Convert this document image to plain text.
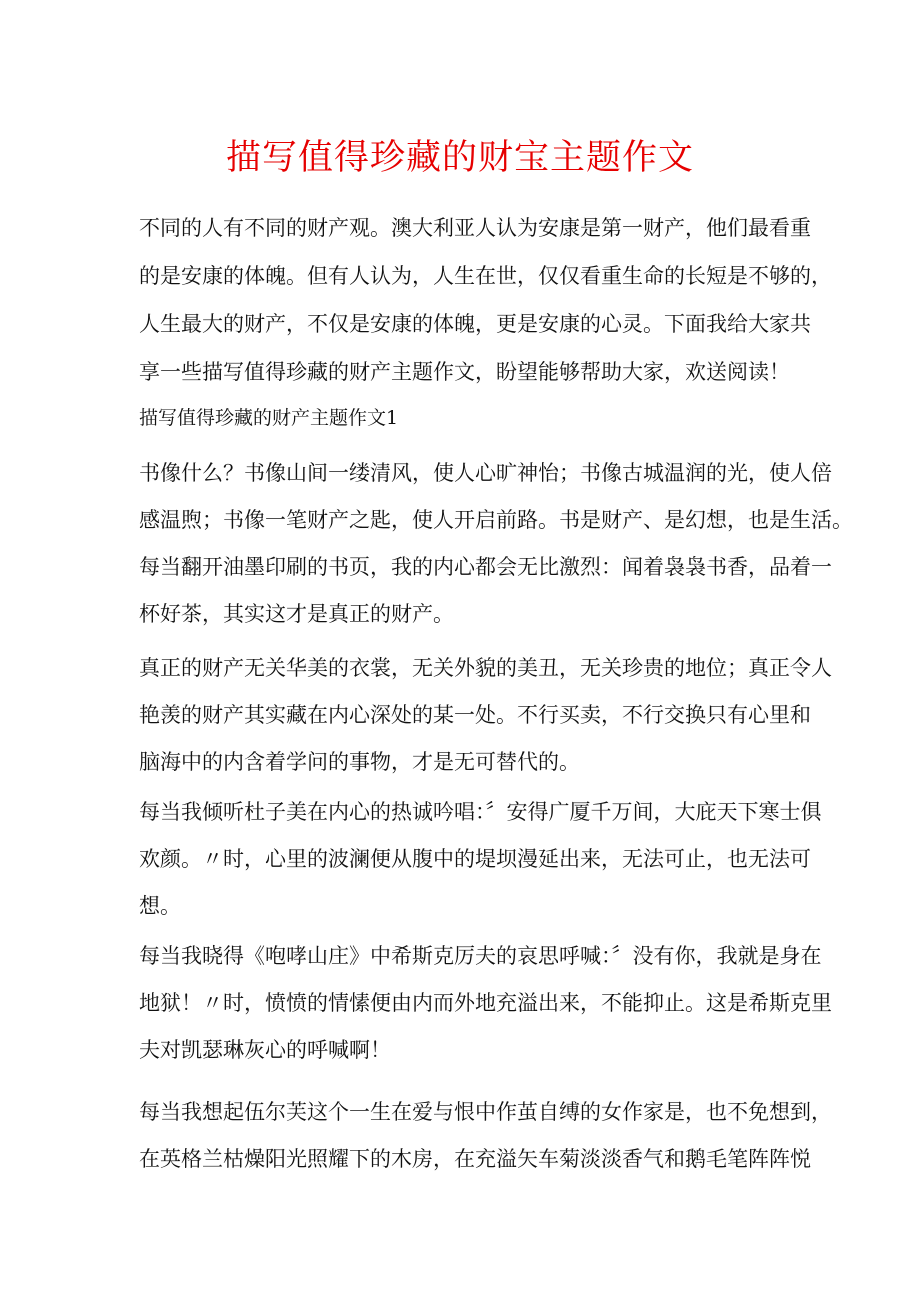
描写值得珍藏的财宝主题作文
不同的人有不同的财产观。澳大利亚人认为安康是第一财产，他们最看重
的是安康的体魄。但有人认为，人生在世，仅仅看重生命的长短是不够的，
人生最大的财产，不仅是安康的体魄，更是安康的心灵。下面我给大家共
享一些描写值得珍藏的财产主题作文，盼望能够帮助大家，欢送阅读！
描写值得珍藏的财产主题作文1
书像什么？书像山间一缕清风，使人心旷神怡；书像古城温润的光，使人倍
感温煦；书像一笔财产之匙，使人开启前路。书是财产、是幻想，也是生活。
每当翻开油墨印刷的书页，我的内心都会无比激烈：闻着袅袅书香，品着一
杯好茶，其实这才是真正的财产。
真正的财产无关华美的衣裳，无关外貌的美丑，无关珍贵的地位；真正令人
艳羡的财产其实藏在内心深处的某一处。不行买卖，不行交换只有心里和
脑海中的内含着学问的事物，才是无可替代的。
每当我倾听杜子美在内心的热诚吟唱：〞安得广厦千万间，大庇天下寒士俱
欢颜。〃时，心里的波澜便从腹中的堤坝漫延出来，无法可止，也无法可
想。
每当我晓得《咆哮山庄》中希斯克厉夫的哀思呼喊：〞没有你，我就是身在
地狱！〃时，愤愤的情愫便由内而外地充溢出来，不能抑止。这是希斯克里
夫对凯瑟琳灰心的呼喊啊！
每当我想起伍尔芙这个一生在爱与恨中作茧自缚的女作家是，也不免想到，
在英格兰枯燥阳光照耀下的木房，在充溢矢车菊淡淡香气和鹅毛笔阵阵悦
